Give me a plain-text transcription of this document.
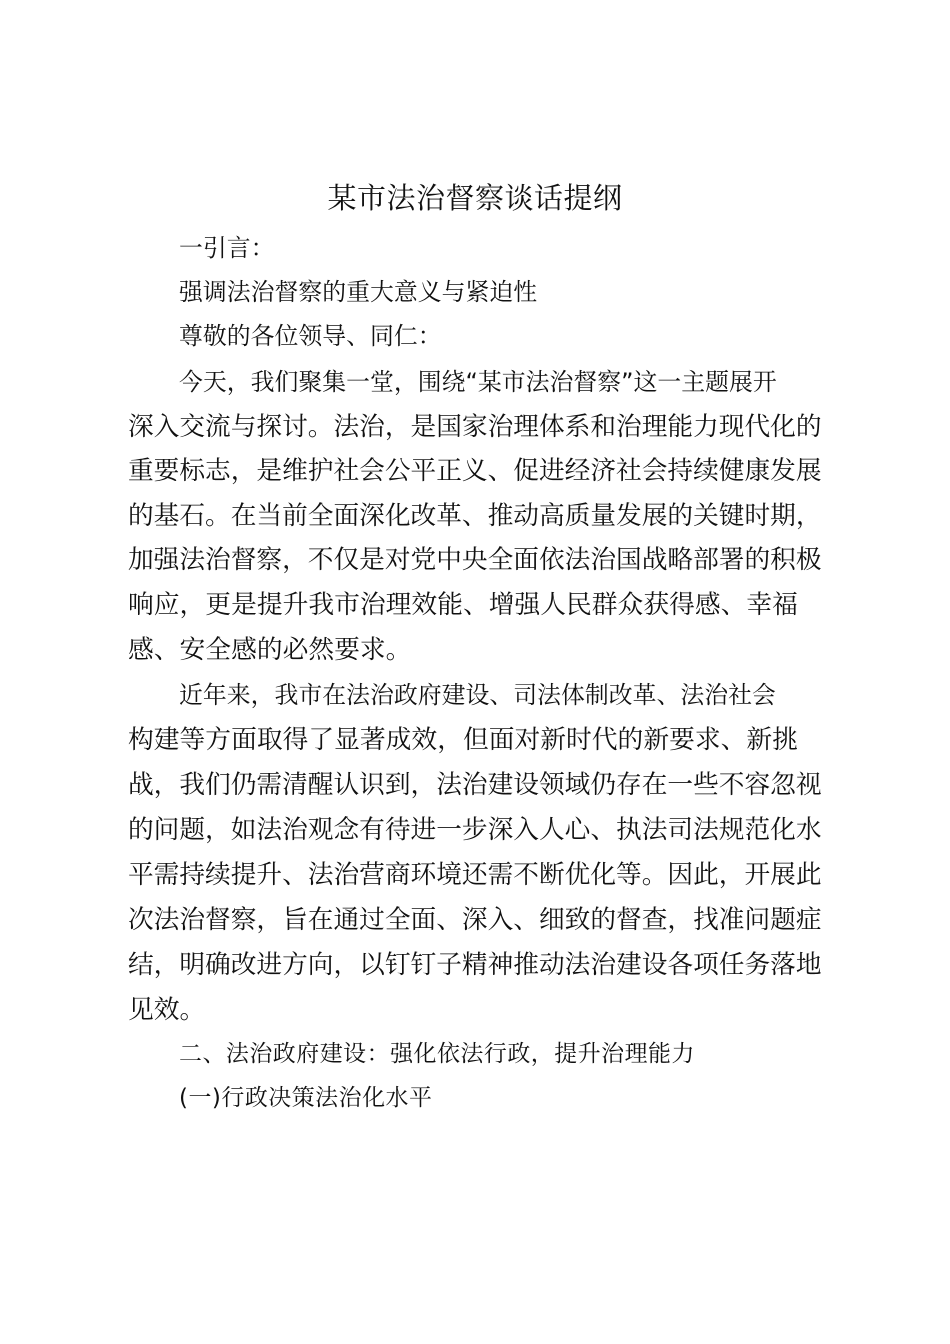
某市法治督察谈话提纲
一引言：
强调法治督察的重大意义与紧迫性
尊敬的各位领导、同仁：
今天，我们聚集一堂，围绕“某市法治督察”这一主题展开
深入交流与探讨。法治，是国家治理体系和治理能力现代化的
重要标志，是维护社会公平正义、促进经济社会持续健康发展
的基石。在当前全面深化改革、推动高质量发展的关键时期，
加强法治督察，不仅是对党中央全面依法治国战略部署的积极
响应，更是提升我市治理效能、增强人民群众获得感、幸福
感、安全感的必然要求。
近年来，我市在法治政府建设、司法体制改革、法治社会
构建等方面取得了显著成效，但面对新时代的新要求、新挑
战，我们仍需清醒认识到，法治建设领域仍存在一些不容忽视
的问题，如法治观念有待进一步深入人心、执法司法规范化水
平需持续提升、法治营商环境还需不断优化等。因此，开展此
次法治督察，旨在通过全面、深入、细致的督查，找准问题症
结，明确改进方向，以钉钉子精神推动法治建设各项任务落地
见效。
二、法治政府建设：强化依法行政，提升治理能力
(一)行政决策法治化水平
